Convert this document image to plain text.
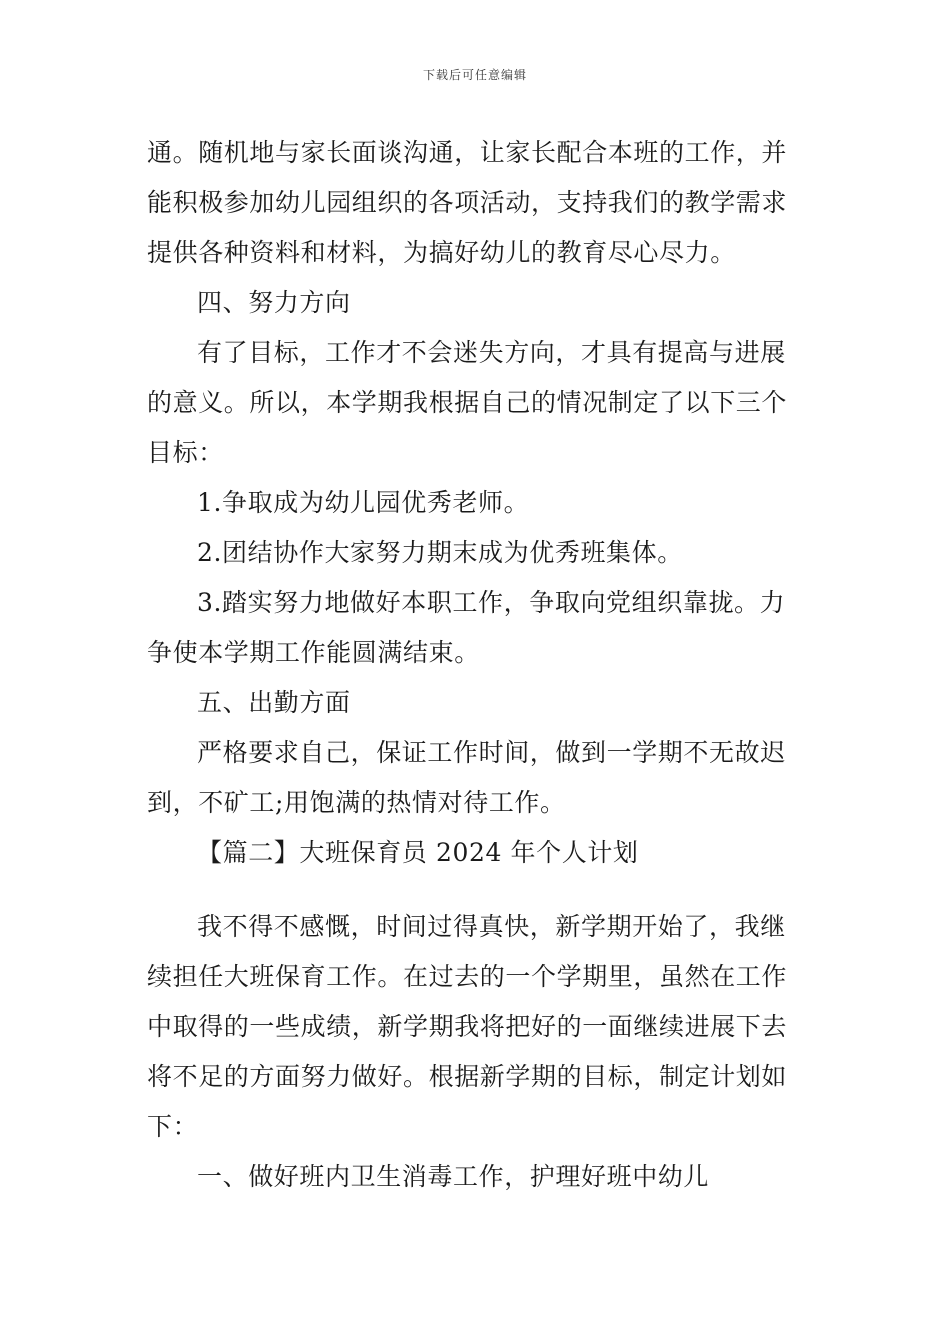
下载后可任意编辑
通。随机地与家长面谈沟通，让家长配合本班的工作，并
能积极参加幼儿园组织的各项活动，支持我们的教学需求
提供各种资料和材料，为搞好幼儿的教育尽心尽力。
四、努力方向
有了目标，工作才不会迷失方向，才具有提高与进展
的意义。所以，本学期我根据自己的情况制定了以下三个
目标：
1.争取成为幼儿园优秀老师。
2.团结协作大家努力期末成为优秀班集体。
3.踏实努力地做好本职工作，争取向党组织靠拢。力
争使本学期工作能圆满结束。
五、出勤方面
严格要求自己，保证工作时间，做到一学期不无故迟
到，不矿工;用饱满的热情对待工作。
【篇二】大班保育员 2024 年个人计划
我不得不感慨，时间过得真快，新学期开始了，我继
续担任大班保育工作。在过去的一个学期里，虽然在工作
中取得的一些成绩，新学期我将把好的一面继续进展下去
将不足的方面努力做好。根据新学期的目标，制定计划如
下：
一、做好班内卫生消毒工作，护理好班中幼儿
